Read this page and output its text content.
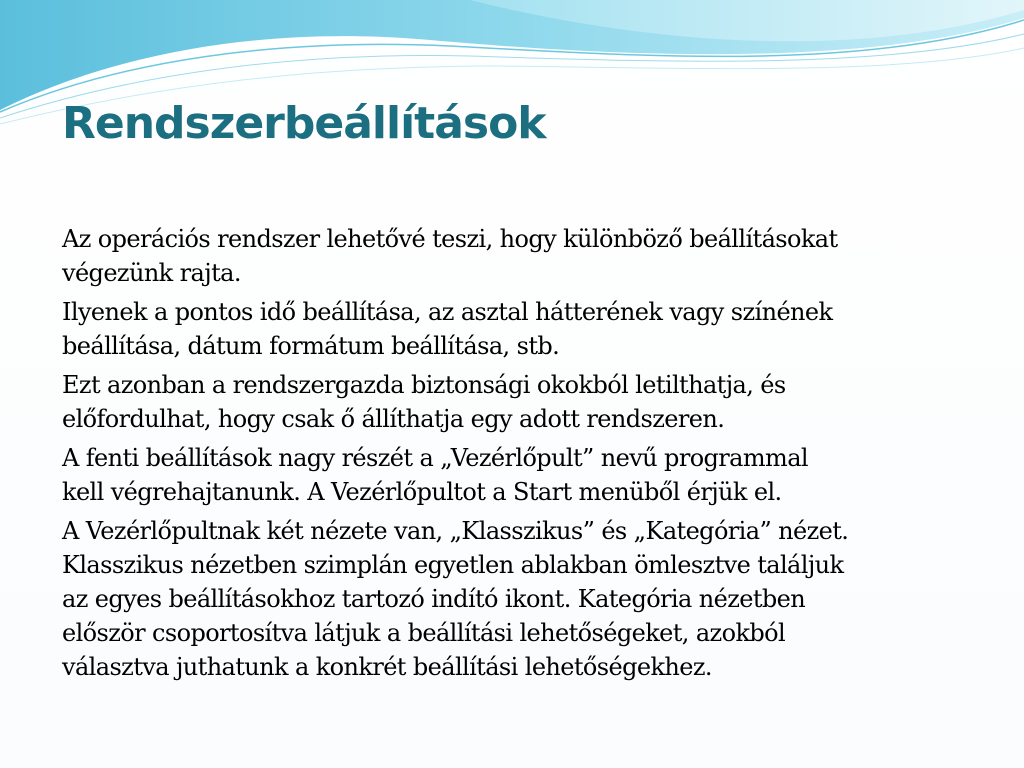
Rendszerbeállítások

Az operációs rendszer lehetővé teszi, hogy különböző beállításokat
végezünk rajta.

Ilyenek a pontos idő beállítása, az asztal hátterének vagy színének
beállítása, dátum formátum beállítása, stb.

Ezt azonban a rendszergazda biztonsági okokból letilthatja, és
előfordulhat, hogy csak ő állíthatja egy adott rendszeren.

A fenti beállítások nagy részét a „Vezérlőpult” nevű programmal
kell végrehajtanunk. A Vezérlőpultot a Start menüből érjük el.

A Vezérlőpultnak két nézete van, „Klasszikus” és „Kategória” nézet.
Klasszikus nézetben szimplán egyetlen ablakban ömlesztve találjuk
az egyes beállításokhoz tartozó indító ikont. Kategória nézetben
először csoportosítva látjuk a beállítási lehetőségeket, azokból
választva juthatunk a konkrét beállítási lehetőségekhez.
